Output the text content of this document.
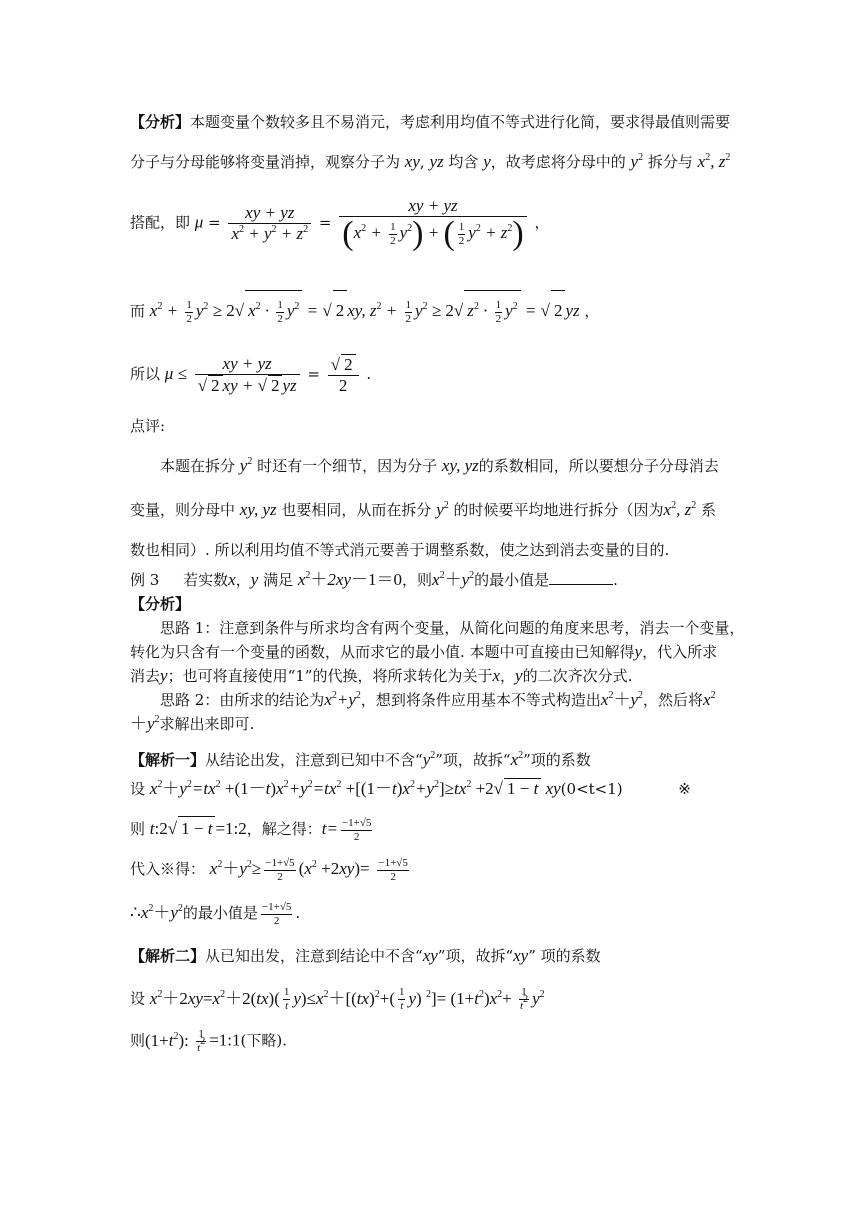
【分析】本题变量个数较多且不易消元，考虑利用均值不等式进行化简，要求得最值则需要
分子与分母能够将变量消掉，观察分子为 xy, yz 均含 y，故考虑将分母中的 $y^2$ 拆分与 $x^2$, $z^2$
搭配，即 $\mu = \frac{xy + yz}{x^2 + y^2 + z^2} = \frac{xy + yz}{(x^2 + \frac{1}{2} y^2) + ( \frac{1}{2} y^2 + z^2)}$ ，
而 $x^2 + \frac{1}{2} y^2 \ge 2√$ $x^2 \cdot \frac{1}{2} y^2$ = √ 2 xy, $z^2 + \frac{1}{2} y^2 \ge 2√$ $z^2 \cdot \frac{1}{2} y^2$ = √ 2 yz ，
所以 $\mu \le \frac{xy + yz}{√ 2 xy + √ 2 yz} = \frac{√ 2}{2}$ .
点评:
本题在拆分 $y^2$ 时还有一个细节，因为分子 xy, yz的系数相同，所以要想分子分母消去
变量，则分母中 xy, yz 也要相同，从而在拆分 $y^2$ 的时候要平均地进行拆分（因为$x^2$, $z^2$ 系
数也相同）. 所以利用均值不等式消元要善于调整系数，使之达到消去变量的目的.
例 3 若实数x，y 满足 $x^2+2xy-1=0$，则$x^2+y^2$的最小值是	.
【分析】
思路 1：注意到条件与所求均含有两个变量，从简化问题的角度来思考，消去一个变量，
转化为只含有一个变量的函数，从而求它的最小值. 本题中可直接由已知解得y，代入所求
消去y；也可将直接使用“1”的代换，将所求转化为关于x，y的二次齐次分式.
思路 2：由所求的结论为$x^2+y^2$，想到将条件应用基本不等式构造出$x^2+y^2$，然后将$x^2$
$+y^2$求解出来即可.
【解析一】从结论出发，注意到已知中不含“$y^2$”项，故拆“$x^2$”项的系数
设 $x^2+y^2=tx^2 +(1-t)x^2+y^2=tx^2 +[(1-t)x^2+y^2]\ge tx^2 +2√$ 1 − t xy(0<t<1)	※
则 t:2√ 1 − t =1:2，解之得：$t= \frac{-1+√5}{2}$
代入※得： $x^2+y^2\ge \frac{-1+√5}{2} (x^2 +2xy)= \frac{-1+√5}{2}$
$\therefore x^2+y^2$的最小值是 $\frac{-1+√5}{2}$ .
【解析二】从已知出发，注意到结论中不含“xy”项，故拆“xy” 项的系数
设 $x^2+2xy=x^2+2(tx)( \frac{1}{t} y)\le x^2+[(tx)^2+( \frac{1}{t} y)$ $^2]= (1+t^2)x^2+ \frac{1}{t^2} y^2$
则$(1+t^2)$: $\frac{1}{t^2}$ =1:1(下略).
